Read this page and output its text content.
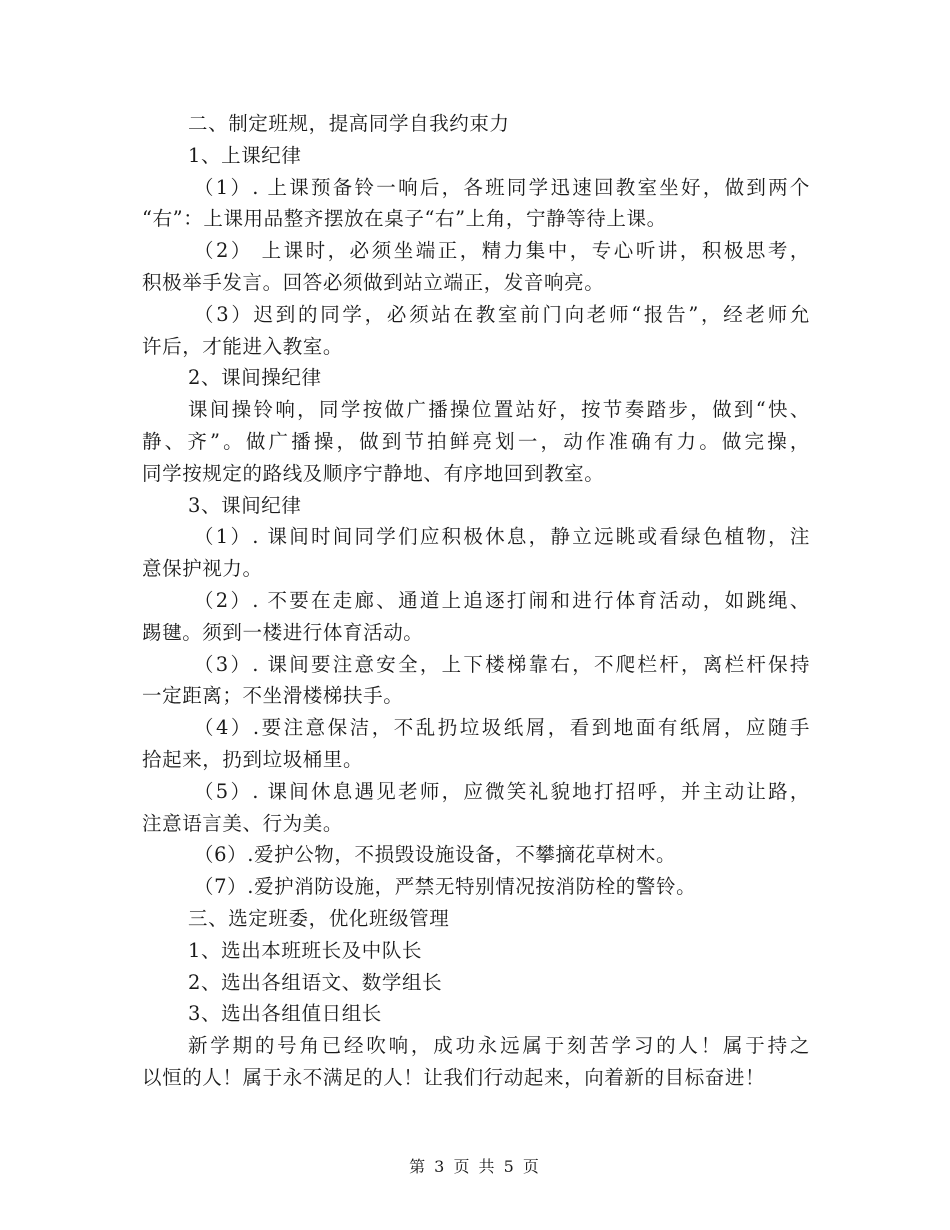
二、制定班规，提高同学自我约束力
1、上课纪律
（1）. 上课预备铃一响后，各班同学迅速回教室坐好，做到两个
“右”：上课用品整齐摆放在桌子“右”上角，宁静等待上课。
（2） 上课时，必须坐端正，精力集中，专心听讲，积极思考，
积极举手发言。回答必须做到站立端正，发音响亮。
（3）迟到的同学，必须站在教室前门向老师“报告”，经老师允
许后，才能进入教室。
2、课间操纪律
课间操铃响，同学按做广播操位置站好，按节奏踏步，做到“快、
静、齐”。做广播操，做到节拍鲜亮划一，动作准确有力。做完操，
同学按规定的路线及顺序宁静地、有序地回到教室。
3、课间纪律
（1）. 课间时间同学们应积极休息，静立远眺或看绿色植物，注
意保护视力。
（2）. 不要在走廊、通道上追逐打闹和进行体育活动，如跳绳、
踢毽。须到一楼进行体育活动。
（3）. 课间要注意安全，上下楼梯靠右，不爬栏杆，离栏杆保持
一定距离；不坐滑楼梯扶手。
（4）.要注意保洁，不乱扔垃圾纸屑，看到地面有纸屑，应随手
拾起来，扔到垃圾桶里。
（5）. 课间休息遇见老师，应微笑礼貌地打招呼，并主动让路，
注意语言美、行为美。
（6）.爱护公物，不损毁设施设备，不攀摘花草树木。
（7）.爱护消防设施，严禁无特别情况按消防栓的警铃。
三、选定班委，优化班级管理
1、选出本班班长及中队长
2、选出各组语文、数学组长
3、选出各组值日组长
新学期的号角已经吹响，成功永远属于刻苦学习的人！属于持之
以恒的人！属于永不满足的人！让我们行动起来，向着新的目标奋进！
第 3 页 共 5 页
